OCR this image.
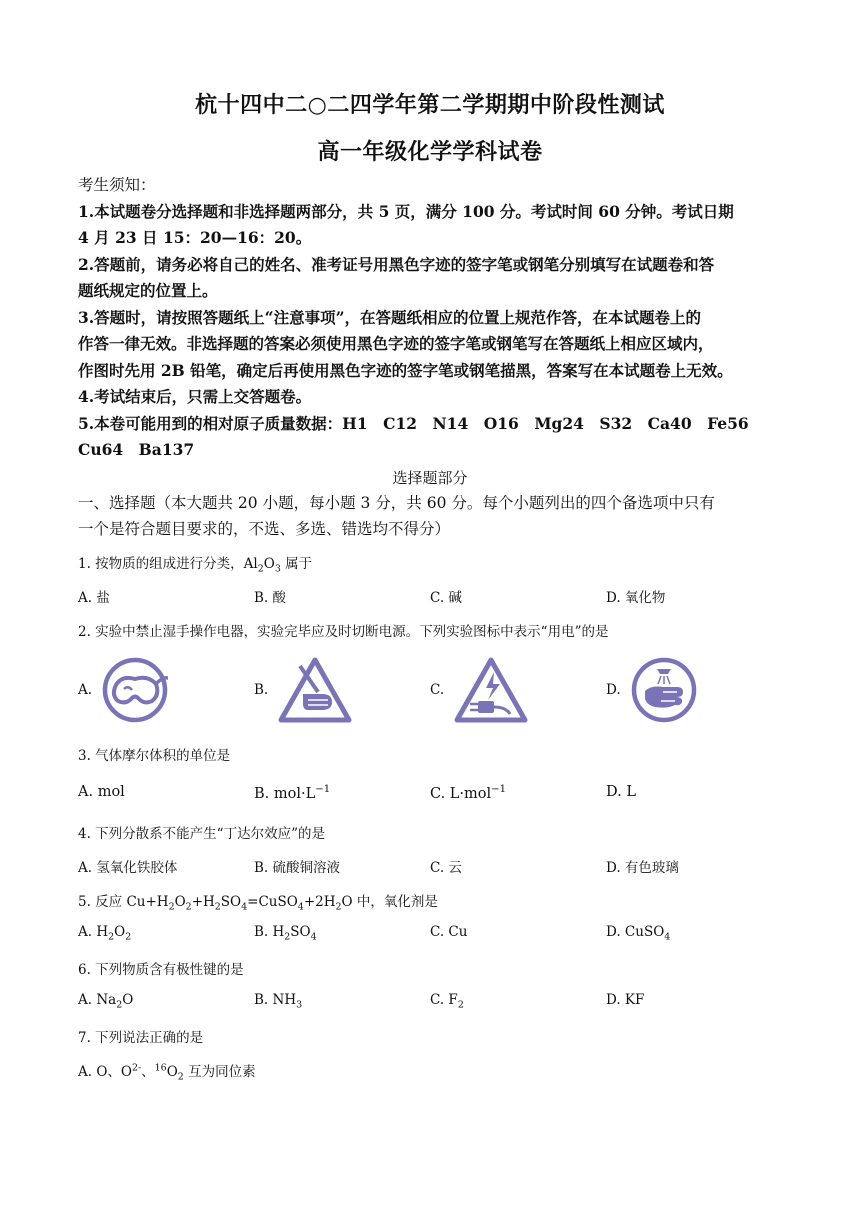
杭十四中二○二四学年第二学期期中阶段性测试
高一年级化学学科试卷
考生须知：
1.本试题卷分选择题和非选择题两部分，共 5 页，满分 100 分。考试时间 60 分钟。考试日期
4 月 23 日 15：20—16：20。
2.答题前，请务必将自己的姓名、准考证号用黑色字迹的签字笔或钢笔分别填写在试题卷和答
题纸规定的位置上。
3.答题时，请按照答题纸上“注意事项”，在答题纸相应的位置上规范作答，在本试题卷上的
作答一律无效。非选择题的答案必须使用黑色字迹的签字笔或钢笔写在答题纸上相应区域内，
作图时先用 2B 铅笔，确定后再使用黑色字迹的签字笔或钢笔描黑，答案写在本试题卷上无效。
4.考试结束后，只需上交答题卷。
5.本卷可能用到的相对原子质量数据：H1　C12　N14　O16　Mg24　S32　Ca40　Fe56
Cu64　Ba137
选择题部分
一、选择题（本大题共 20 小题，每小题 3 分，共 60 分。每个小题列出的四个备选项中只有
一个是符合题目要求的，不选、多选、错选均不得分）
1. 按物质的组成进行分类，$Al_2O_3$ 属于
A. 盐	B. 酸	C. 碱	D. 氧化物
2. 实验中禁止湿手操作电器，实验完毕应及时切断电源。下列实验图标中表示“用电”的是
A.	B.	C.	D.
3. 气体摩尔体积的单位是
A. mol	B. $mol\cdot L^{-1}$	C. L·mol$^{-1}$	D. L
4. 下列分散系不能产生“丁达尔效应”的是
A. 氢氧化铁胶体	B. 硫酸铜溶液	C. 云	D. 有色玻璃
5. 反应 $Cu+H_2O_2+H_2SO_4=CuSO_4+2H_2O$ 中，氧化剂是
A. $H_2O_2$	B. $H_2SO_4$	C. Cu	D. CuSO$_4$
6. 下列物质含有极性键的是
A. $Na_2O$	B. $NH_3$	C. $F_2$	D. KF
7. 下列说法正确的是
A. O、$O^{2-}$、$^{16}O_2$ 互为同位素
